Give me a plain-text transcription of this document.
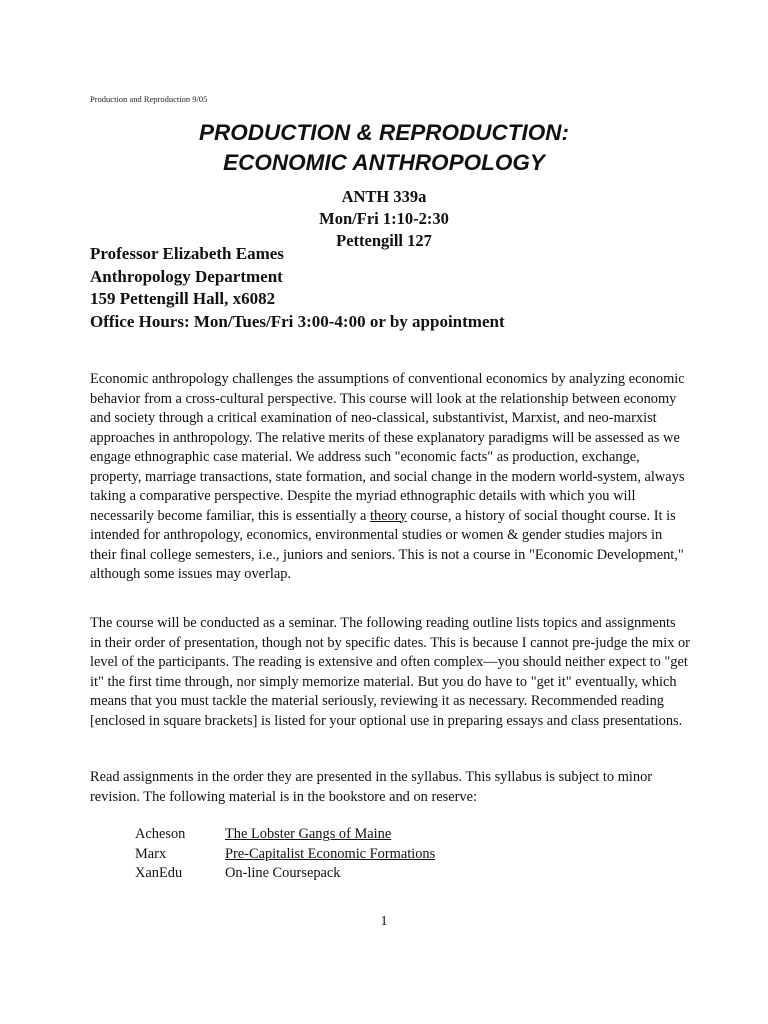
Production and Reproduction 9/05
PRODUCTION & REPRODUCTION:
ECONOMIC ANTHROPOLOGY
ANTH 339a
Mon/Fri 1:10-2:30
Pettengill 127
Professor Elizabeth Eames
Anthropology Department
159 Pettengill Hall, x6082
Office Hours: Mon/Tues/Fri 3:00-4:00 or by appointment

Economic anthropology challenges the assumptions of conventional economics by analyzing economic behavior from a cross-cultural perspective. This course will look at the relationship between economy and society through a critical examination of neo-classical, substantivist, Marxist, and neo-marxist approaches in anthropology. The relative merits of these explanatory paradigms will be assessed as we engage ethnographic case material. We address such "economic facts" as production, exchange, property, marriage transactions, state formation, and social change in the modern world-system, always taking a comparative perspective. Despite the myriad ethnographic details with which you will necessarily become familiar, this is essentially a theory course, a history of social thought course. It is intended for anthropology, economics, environmental studies or women & gender studies majors in their final college semesters, i.e., juniors and seniors. This is not a course in "Economic Development," although some issues may overlap.

The course will be conducted as a seminar. The following reading outline lists topics and assignments in their order of presentation, though not by specific dates. This is because I cannot pre-judge the mix or level of the participants. The reading is extensive and often complex—you should neither expect to "get it" the first time through, nor simply memorize material. But you do have to "get it" eventually, which means that you must tackle the material seriously, reviewing it as necessary. Recommended reading [enclosed in square brackets] is listed for your optional use in preparing essays and class presentations.

Read assignments in the order they are presented in the syllabus. This syllabus is subject to minor revision. The following material is in the bookstore and on reserve:

Acheson	The Lobster Gangs of Maine
Marx	Pre-Capitalist Economic Formations
XanEdu	On-line Coursepack
1
